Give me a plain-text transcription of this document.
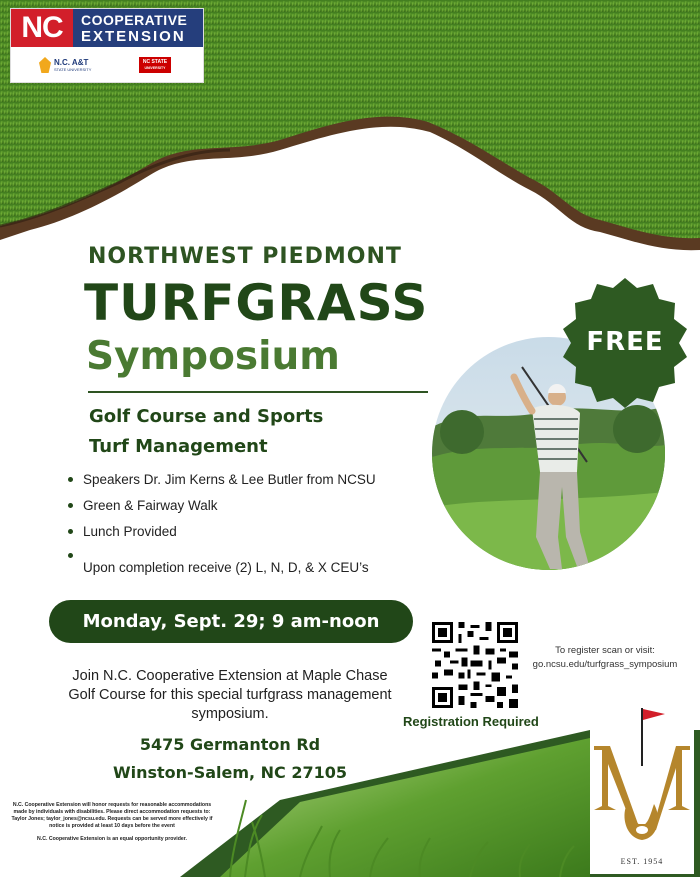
NC	COOPERATIVE
EXTENSION
N.C. A&T
STATE UNIVERSITY
NC STATE
UNIVERSITY
NORTHWEST PIEDMONT
TURFGRASS
Symposium
Golf Course and Sports
Turf Management
Speakers Dr. Jim Kerns & Lee Butler from NCSU
Green & Fairway Walk
Lunch Provided
Upon completion receive (2) L, N, D, & X CEU’s
FREE
Monday, Sept. 29; 9 am-noon
Join N.C. Cooperative Extension at Maple Chase Golf Course for this special turfgrass management symposium.
5475 Germanton Rd
Winston-Salem, NC 27105
To register scan or visit:
go.ncsu.edu/turfgrass_symposium
Registration Required
N.C. Cooperative Extension will honor requests for reasonable accommodations made by individuals with disabilities. Please direct accommodation requests to: Taylor Jones; taylor_jones@ncsu.edu. Requests can be served more effectively if notice is provided at least 10 days before the event
N.C. Cooperative Extension is an equal opportunity provider.
EST. 1954
